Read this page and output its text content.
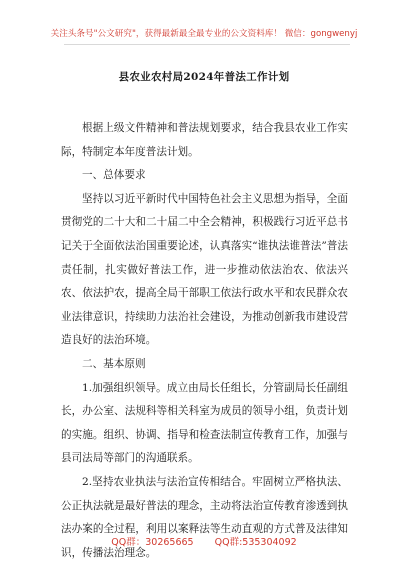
关注头条号"公文研究"，获得最新最全最专业的公文资料库！ 微信：gongwenyj
县农业农村局2024年普法工作计划

根据上级文件精神和普法规划要求，结合我县农业工作实际，特制定本年度普法计划。

一、总体要求

坚持以习近平新时代中国特色社会主义思想为指导，全面贯彻党的二十大和二十届二中全会精神，积极践行习近平总书记关于全面依法治国重要论述，认真落实“谁执法谁普法”普法责任制，扎实做好普法工作，进一步推动依法治农、依法兴农、依法护农，提高全局干部职工依法行政水平和农民群众农业法律意识，持续助力法治社会建设，为推动创新我市建设营造良好的法治环境。

二、基本原则

1.加强组织领导。成立由局长任组长，分管副局长任副组长，办公室、法规科等相关科室为成员的领导小组，负责计划的实施。组织、协调、指导和检查法制宣传教育工作，加强与县司法局等部门的沟通联系。

2.坚持农业执法与法治宣传相结合。牢固树立严格执法、公正执法就是最好普法的理念，主动将法治宣传教育渗透到执法办案的全过程，利用以案释法等生动直观的方式普及法律知识，传播法治理念。

QQ群：30265665 QQ群:535304092
